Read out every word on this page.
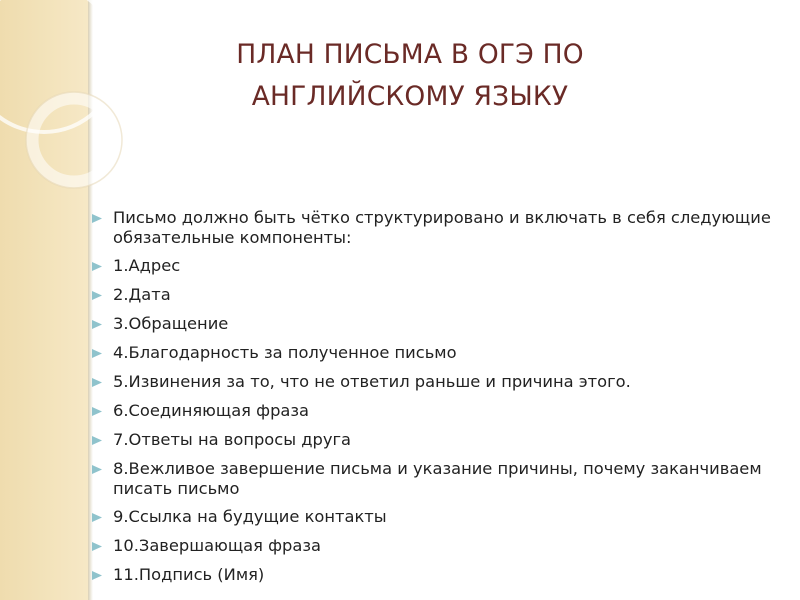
ПЛАН ПИСЬМА В ОГЭ ПО
АНГЛИЙСКОМУ ЯЗЫКУ
Письмо должно быть чётко структурировано и включать в себя следующие обязательные компоненты:
1.Адрес
2.Дата
3.Обращение
4.Благодарность за полученное письмо
5.Извинения за то, что не ответил раньше и причина этого.
6.Соединяющая фраза
7.Ответы на вопросы друга
8.Вежливое завершение письма и указание причины, почему заканчиваем писать письмо
9.Ссылка на будущие контакты
10.Завершающая фраза
11.Подпись (Имя)
